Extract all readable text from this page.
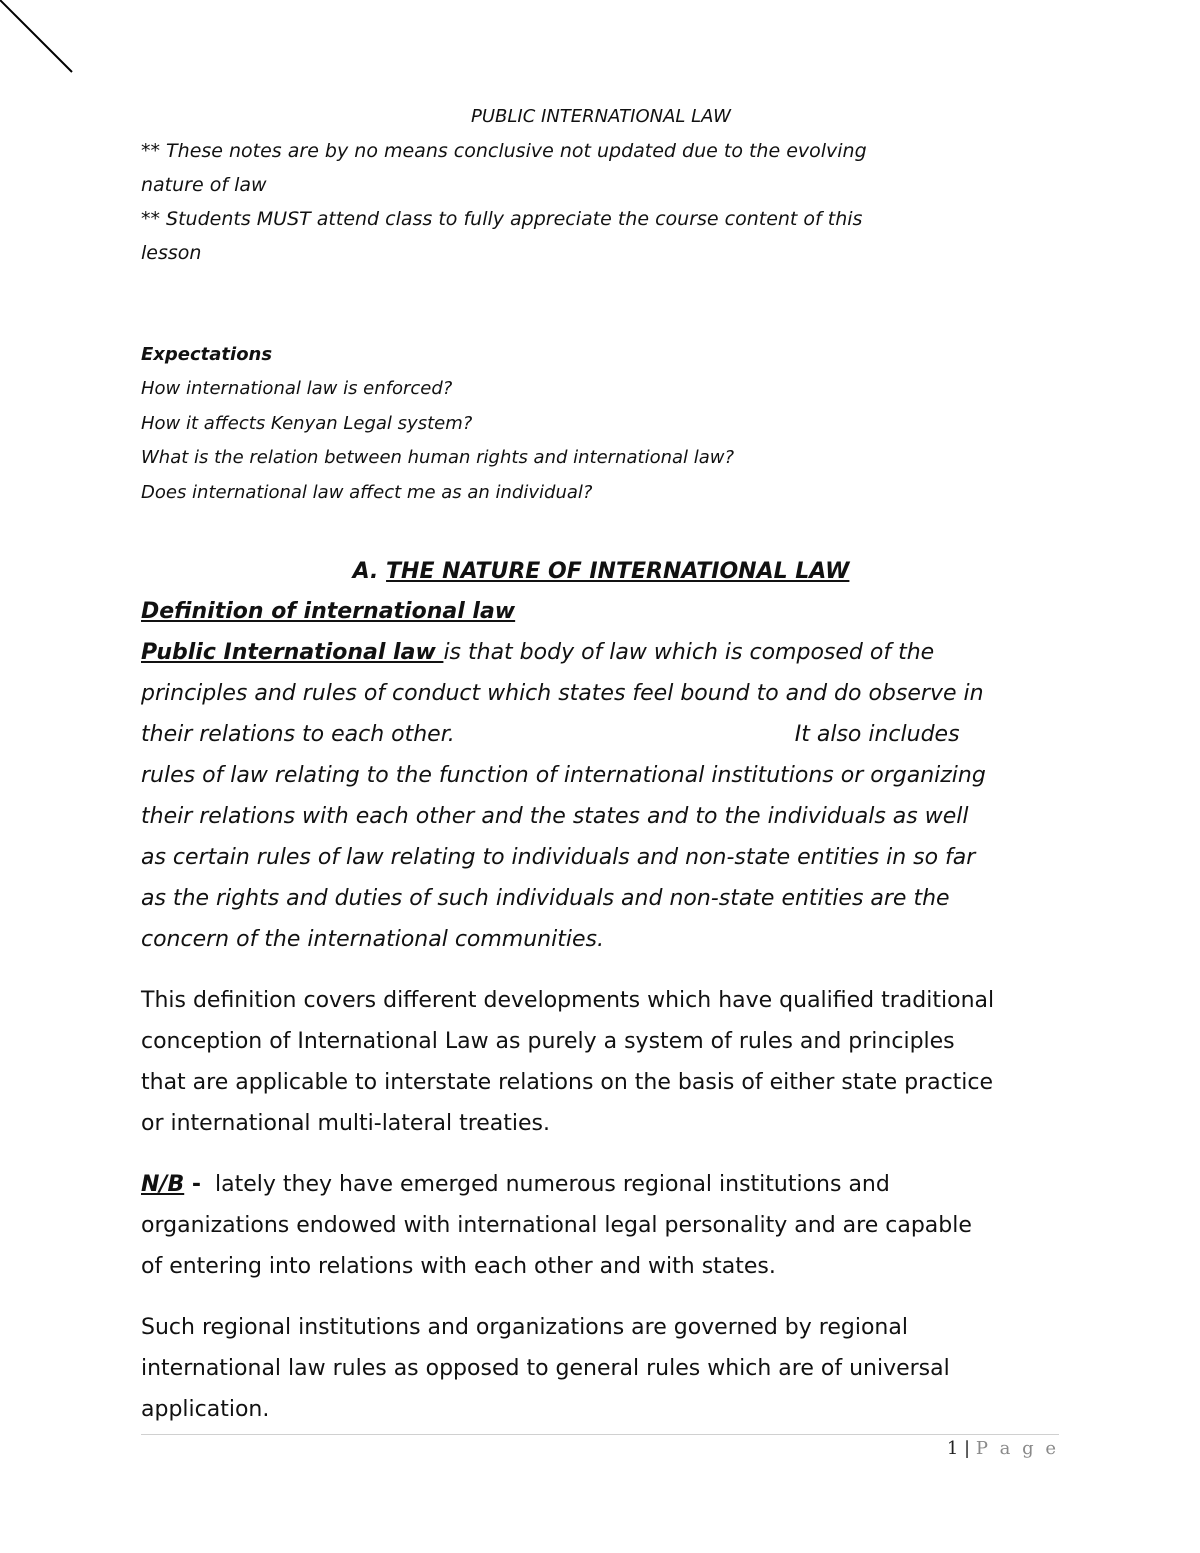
PUBLIC INTERNATIONAL LAW

** These notes are by no means conclusive not updated due to the evolving

nature of law

** Students MUST attend class to fully appreciate the course content of this

lesson

Expectations

How international law is enforced?

How it affects Kenyan Legal system?

What is the relation between human rights and international law?

Does international law affect me as an individual?

A. THE NATURE OF INTERNATIONAL LAW

Definition of international law

Public International law is that body of law which is composed of the
principles and rules of conduct which states feel bound to and do observe in
their relations to each other.	It also includes
rules of law relating to the function of international institutions or organizing
their relations with each other and the states and to the individuals as well
as certain rules of law relating to individuals and non-state entities in so far
as the rights and duties of such individuals and non-state entities are the
concern of the international communities.
This definition covers different developments which have qualified traditional
conception of International Law as purely a system of rules and principles
that are applicable to interstate relations on the basis of either state practice
or international multi-lateral treaties.
N/B -  lately they have emerged numerous regional institutions and
organizations endowed with international legal personality and are capable
of entering into relations with each other and with states.
Such regional institutions and organizations are governed by regional
international law rules as opposed to general rules which are of universal
application.
1 | P a g e
